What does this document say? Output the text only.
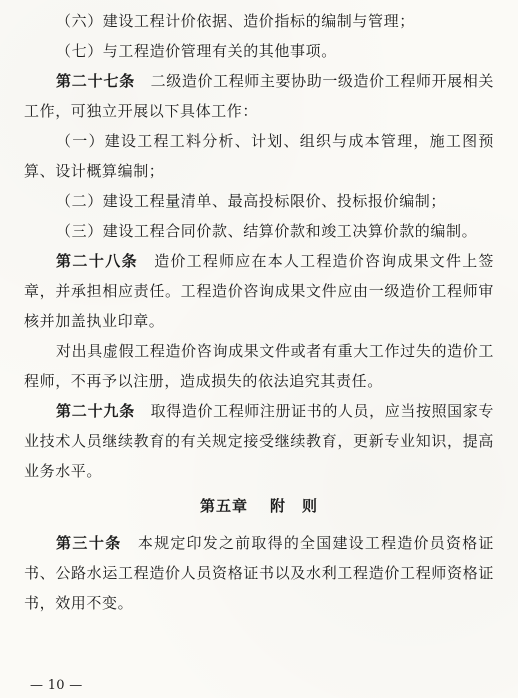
（六）建设工程计价依据、造价指标的编制与管理；

（七）与工程造价管理有关的其他事项。

第二十七条　 二级造价工程师主要协助一级造价工程师开展相关工作，可独立开展以下具体工作：

（一）建设工程工料分析、计划、组织与成本管理，施工图预算、设计概算编制；

（二）建设工程量清单、最高投标限价、投标报价编制；

（三）建设工程合同价款、结算价款和竣工决算价款的编制。

第二十八条　 造价工程师应在本人工程造价咨询成果文件上签章，并承担相应责任。工程造价咨询成果文件应由一级造价工程师审核并加盖执业印章。

对出具虚假工程造价咨询成果文件或者有重大工作过失的造价工程师，不再予以注册，造成损失的依法追究其责任。

第二十九条　 取得造价工程师注册证书的人员，应当按照国家专业技术人员继续教育的有关规定接受继续教育，更新专业知识，提高业务水平。

第五章 附　则

第三十条　 本规定印发之前取得的全国建设工程造价员资格证书、公路水运工程造价人员资格证书以及水利工程造价工程师资格证书，效用不变。

— 10 —
